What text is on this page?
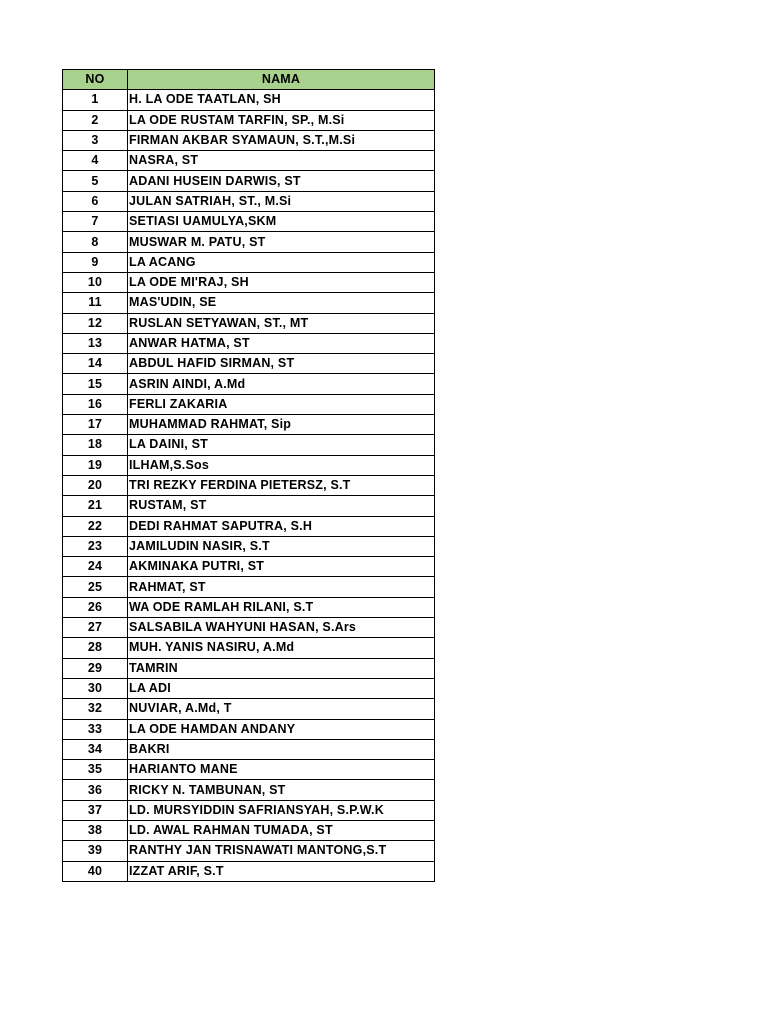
NO	NAMA
1	H. LA ODE TAATLAN, SH
2	LA ODE RUSTAM TARFIN, SP., M.Si
3	FIRMAN AKBAR SYAMAUN, S.T.,M.Si
4	NASRA, ST
5	ADANI HUSEIN DARWIS, ST
6	JULAN SATRIAH, ST., M.Si
7	SETIASI UAMULYA,SKM
8	MUSWAR M. PATU, ST
9	LA ACANG
10	LA ODE MI'RAJ, SH
11	MAS'UDIN, SE
12	RUSLAN SETYAWAN, ST., MT
13	ANWAR HATMA, ST
14	ABDUL HAFID SIRMAN, ST
15	ASRIN AINDI, A.Md
16	FERLI ZAKARIA
17	MUHAMMAD RAHMAT, Sip
18	LA DAINI, ST
19	ILHAM,S.Sos
20	TRI REZKY FERDINA PIETERSZ, S.T
21	RUSTAM, ST
22	DEDI RAHMAT SAPUTRA, S.H
23	JAMILUDIN NASIR, S.T
24	AKMINAKA PUTRI, ST
25	RAHMAT, ST
26	WA ODE RAMLAH RILANI, S.T
27	SALSABILA WAHYUNI HASAN, S.Ars
28	MUH. YANIS NASIRU, A.Md
29	TAMRIN
30	LA ADI
32	NUVIAR, A.Md, T
33	LA ODE HAMDAN ANDANY
34	BAKRI
35	HARIANTO MANE
36	RICKY N. TAMBUNAN, ST
37	LD. MURSYIDDIN SAFRIANSYAH, S.P.W.K
38	LD. AWAL RAHMAN TUMADA, ST
39	RANTHY JAN TRISNAWATI MANTONG,S.T
40	IZZAT ARIF, S.T
